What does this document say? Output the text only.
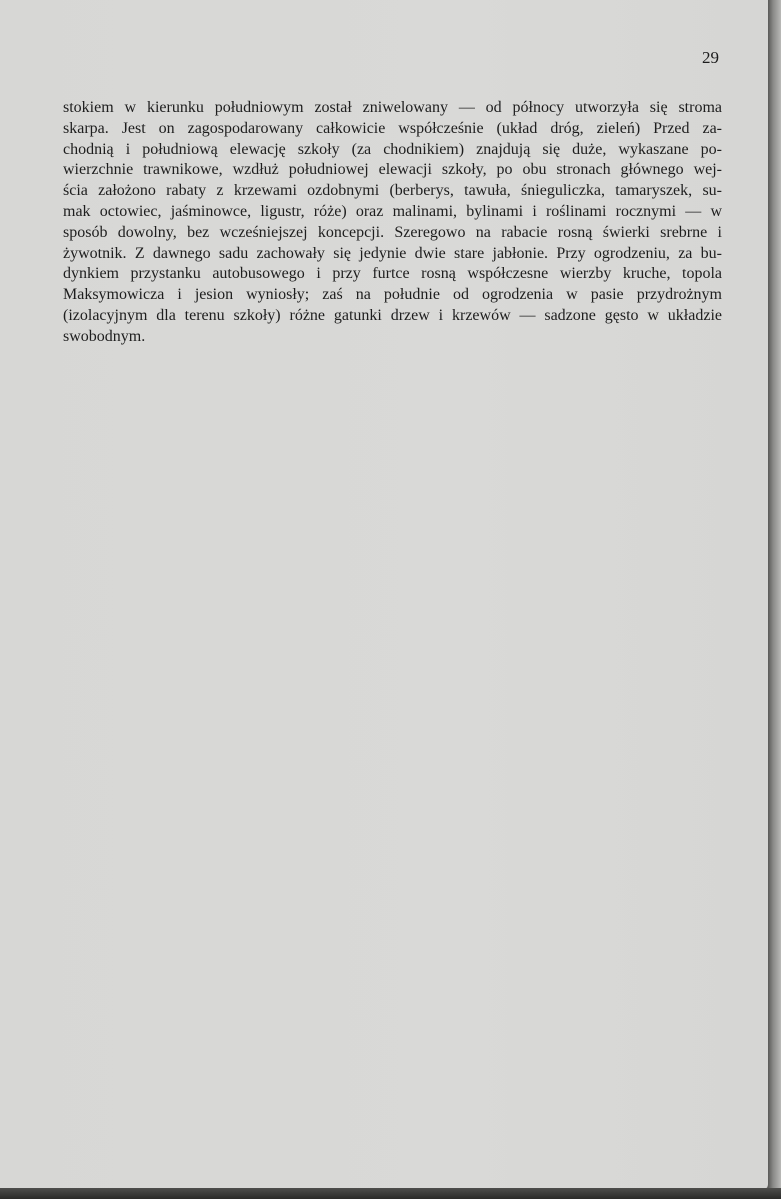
29
stokiem w kierunku południowym został zniwelowany — od północy utworzyła się stroma
skarpa. Jest on zagospodarowany całkowicie współcześnie (układ dróg, zieleń) Przed za-
chodnią i południową elewację szkoły (za chodnikiem) znajdują się duże, wykaszane po-
wierzchnie trawnikowe, wzdłuż południowej elewacji szkoły, po obu stronach głównego wej-
ścia założono rabaty z krzewami ozdobnymi (berberys, tawuła, śnieguliczka, tamaryszek, su-
mak octowiec, jaśminowce, ligustr, róże) oraz malinami, bylinami i roślinami rocznymi — w
sposób dowolny, bez wcześniejszej koncepcji. Szeregowo na rabacie rosną świerki srebrne i
żywotnik. Z dawnego sadu zachowały się jedynie dwie stare jabłonie. Przy ogrodzeniu, za bu-
dynkiem przystanku autobusowego i przy furtce rosną współczesne wierzby kruche, topola
Maksymowicza i jesion wyniosły; zaś na południe od ogrodzenia w pasie przydrożnym
(izolacyjnym dla terenu szkoły) różne gatunki drzew i krzewów — sadzone gęsto w układzie
swobodnym.
